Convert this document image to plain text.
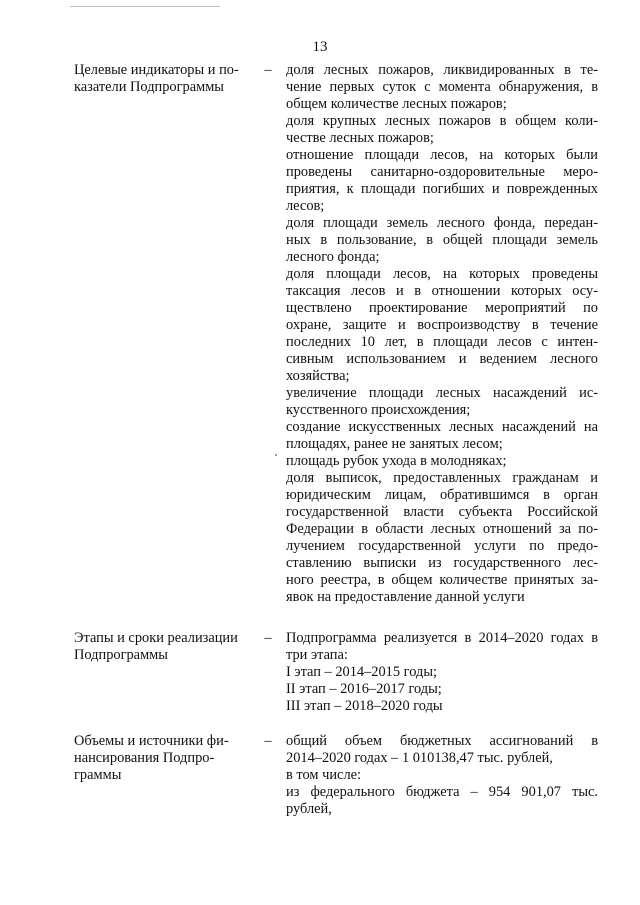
13
Целевые индикаторы и по-
казатели Подпрограммы
– доля лесных пожаров, ликвидированных в те-
чение первых суток с момента обнаружения, в
общем количестве лесных пожаров;
доля крупных лесных пожаров в общем коли-
честве лесных пожаров;
отношение площади лесов, на которых были
проведены санитарно-оздоровительные меро-
приятия, к площади погибших и поврежденных
лесов;
доля площади земель лесного фонда, передан-
ных в пользование, в общей площади земель
лесного фонда;
доля площади лесов, на которых проведены
таксация лесов и в отношении которых осу-
ществлено проектирование мероприятий по
охране, защите и воспроизводству в течение
последних 10 лет, в площади лесов с интен-
сивным использованием и ведением лесного
хозяйства;
увеличение площади лесных насаждений ис-
кусственного происхождения;
создание искусственных лесных насаждений на
площадях, ранее не занятых лесом;
площадь рубок ухода в молодняках;
доля выписок, предоставленных гражданам и
юридическим лицам, обратившимся в орган
государственной власти субъекта Российской
Федерации в области лесных отношений за по-
лучением государственной услуги по предо-
ставлению выписки из государственного лес-
ного реестра, в общем количестве принятых за-
явок на предоставление данной услуги
Этапы и сроки реализации
Подпрограммы
– Подпрограмма реализуется в 2014–2020 годах в
три этапа:
I этап – 2014–2015 годы;
II этап – 2016–2017 годы;
III этап – 2018–2020 годы
Объемы и источники фи-
нансирования Подпро-
граммы
– общий объем бюджетных ассигнований в
2014–2020 годах – 1 010138,47 тыс. рублей,
в том числе:
из федерального бюджета – 954 901,07 тыс.
рублей,
